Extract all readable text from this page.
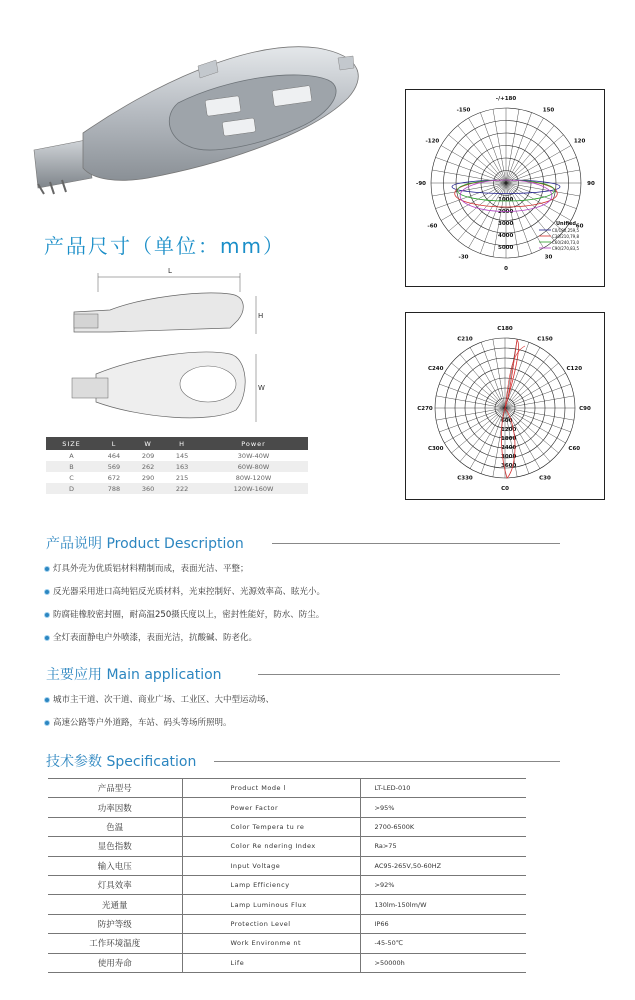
产品尺寸（单位：mm）
L
H
W
SIZE	L	W	H	Power
A	464	209	145	30W-40W
B	569	262	163	60W-80W
C	672	290	215	80W-120W
D	788	360	222	120W-160W
-/+180
-150	150
-120	120
-90	90
-60	60
-30	30
0
1000
2000
3000
4000
5000
Unified
C0/180,259,5
C30/210,79,8
C60/240,73,0
C90/270,83,5
C180
C210	C150
C240	C120
C270	C90
C300	C60
C330	C30
C0
600
1200
1800
2400
3000
3600
产品说明 Product Description
灯具外壳为优质铝材料精制而成，表面光洁、平整；
反光器采用进口高纯铝反光质材料，光束控制好、光源效率高、眩光小。
防腐硅橡胶密封圈，耐高温250摄氏度以上，密封性能好，防水、防尘。
全灯表面静电户外喷漆，表面光洁，抗酸碱、防老化。
主要应用 Main application
城市主干道、次干道、商业广场、工业区、大中型运动场、
高速公路等户外道路，车站、码头等场所照明。
技术参数 Specification
产品型号	Product Mode l	LT-LED-010
功率因数	Power Factor	>95%
色温	Color Tempera tu re	2700-6500K
显色指数	Color Re ndering Index	Ra>75
输入电压	Input Voltage	AC95-265V,50-60HZ
灯具效率	Lamp Efficiency	>92%
光通量	Lamp Luminous Flux	130lm-150lm/W
防护等级	Protection Level	IP66
工作环境温度	Work Environme nt	-45-50℃
使用寿命	Life	>50000h
